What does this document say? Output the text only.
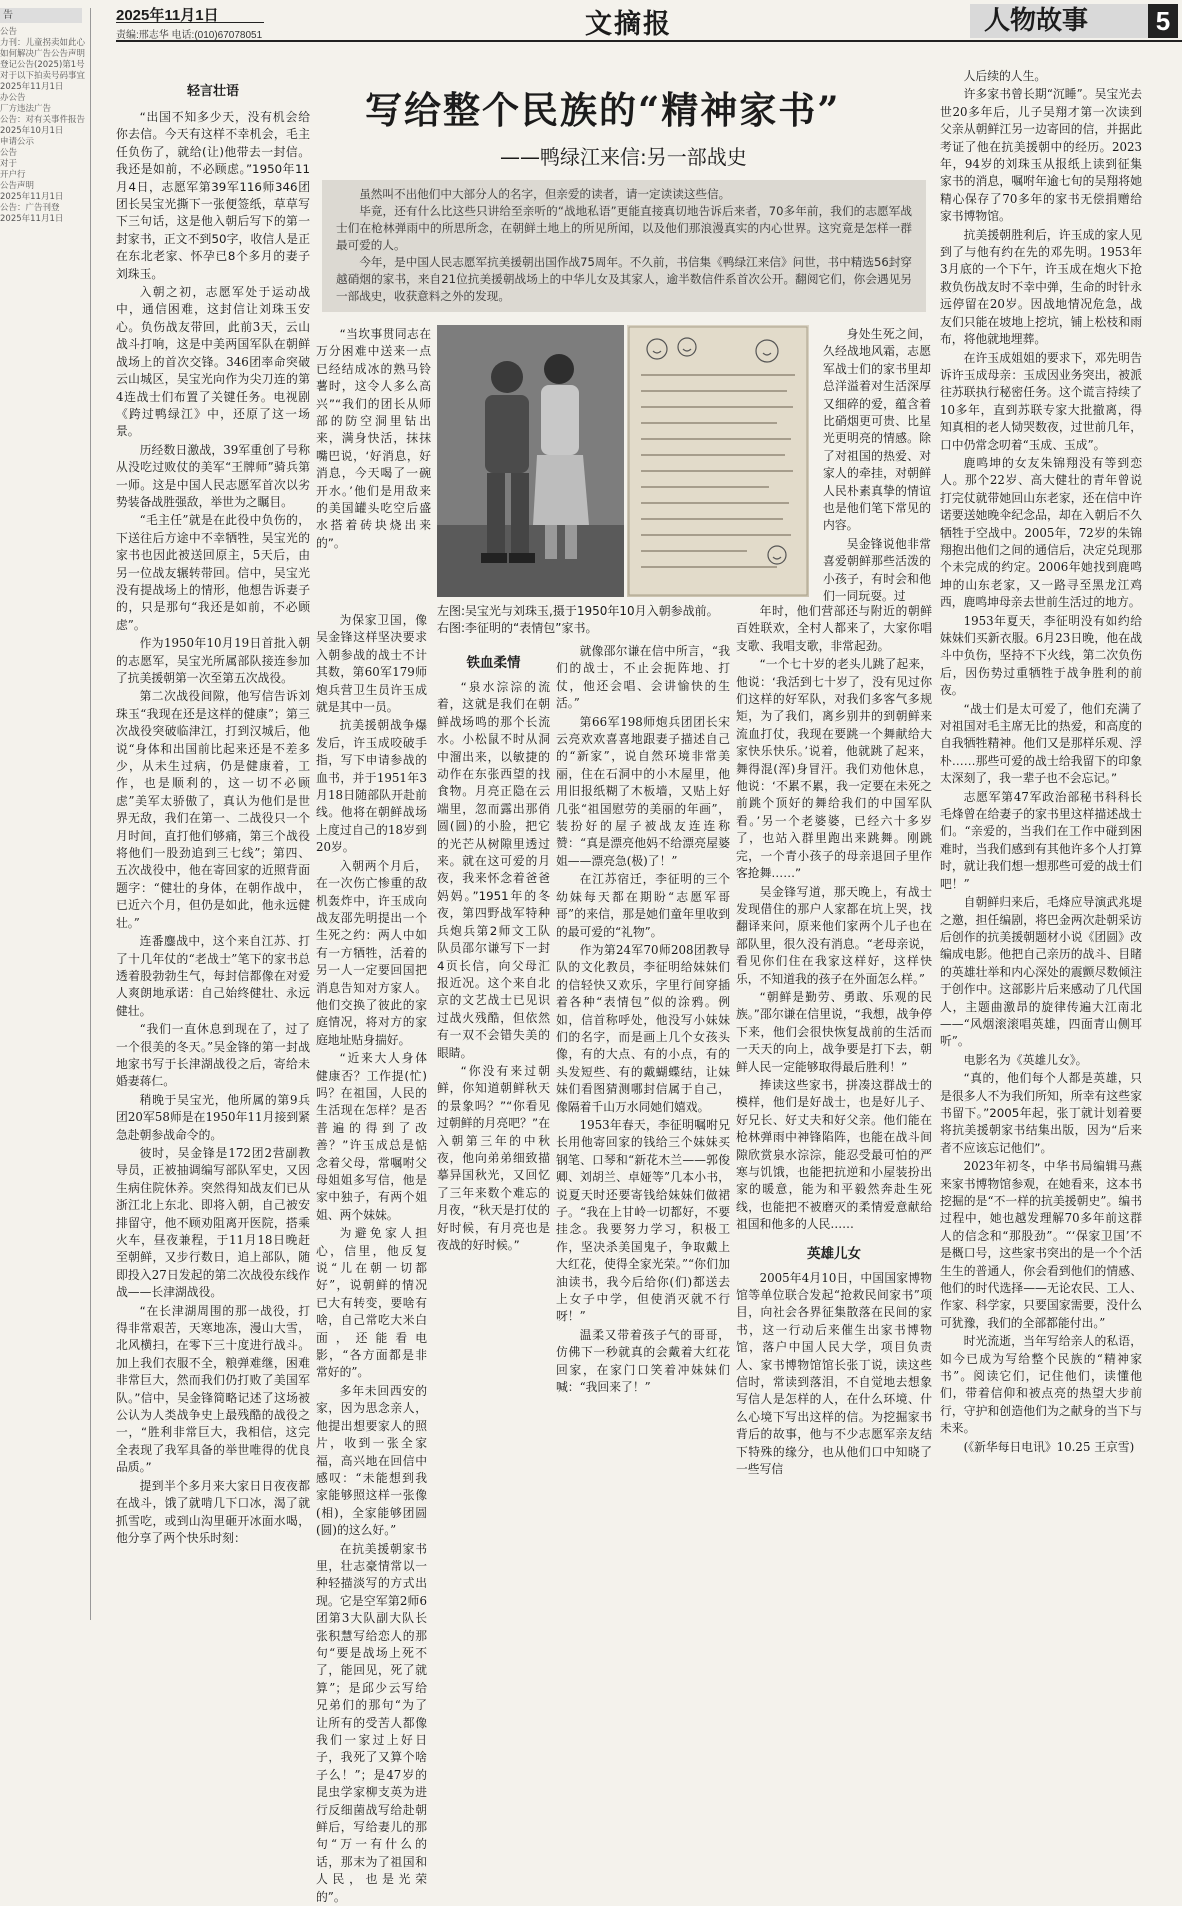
2025年11月1日
责编:邢志华 电话:(010)67078051	文摘报	人物故事	5
告
公告
力刊：儿童拐卖如此心如何解决广告公告声明
登记公告(2025)第1号对于以下拍卖号码事宜
2025年11月1日
办公告
厂方违法广告
公告：对有关事件报告
2025年10月1日
申请公示
公告
对于
开户行
公告声明
2025年11月1日
公告：广告刊登
2025年11月1日
写给整个民族的“精神家书”
——鸭绿江来信:另一部战史

虽然叫不出他们中大部分人的名字，但亲爱的读者，请一定读读这些信。

毕竟，还有什么比这些只讲给至亲听的“战地私语”更能直接真切地告诉后来者，70多年前，我们的志愿军战士们在枪林弹雨中的所思所念，在朝鲜土地上的所见所闻，以及他们那浪漫真实的内心世界。这究竟是怎样一群最可爱的人。

今年，是中国人民志愿军抗美援朝出国作战75周年。不久前，书信集《鸭绿江来信》问世，书中精选56封穿越硝烟的家书，来自21位抗美援朝战场上的中华儿女及其家人，逾半数信件系首次公开。翻阅它们，你会遇见另一部战史，收获意料之外的发现。

左图:吴宝光与刘珠玉,摄于1950年10月入朝参战前。
右图:李征明的“表情包”家书。
轻言壮语

“出国不知多少天，没有机会给你去信。今天有这样不幸机会，毛主任负伤了，就给(让)他带去一封信。我还是如前，不必顾虑。”1950年11月4日，志愿军第39军116师346团团长吴宝光撕下一张便签纸，草草写下三句话，这是他入朝后写下的第一封家书，正文不到50字，收信人是正在东北老家、怀孕已8个多月的妻子刘珠玉。

入朝之初，志愿军处于运动战中，通信困难，这封信让刘珠玉安心。负伤战友带回，此前3天，云山战斗打响，这是中美两国军队在朝鲜战场上的首次交锋。346团率命突破云山城区，吴宝光向作为尖刀连的第4连战士们布置了关键任务。电视剧《跨过鸭绿江》中，还原了这一场景。

历经数日激战，39军重创了号称从没吃过败仗的美军“王牌师”骑兵第一师。这是中国人民志愿军首次以劣势装备战胜强敌，举世为之瞩目。

“毛主任”就是在此役中负伤的，下送往后方途中不幸牺牲，吴宝光的家书也因此被送回原主，5天后，由另一位战友辗转带回。信中，吴宝光没有提战场上的情形，他想告诉妻子的，只是那句“我还是如前，不必顾虑”。

作为1950年10月19日首批入朝的志愿军，吴宝光所属部队接连参加了抗美援朝第一次至第五次战役。

第二次战役间隙，他写信告诉刘珠玉“我现在还是这样的健康”；第三次战役突破临津江，打到汉城后，他说“身体和出国前比起来还是不差多少，从未生过病，仍是健康着，工作，也是顺利的，这一切不必顾虑”美军太骄傲了，真认为他们是世界无敌，我们在第一、二战役只一个月时间，直打他们够痛，第三个战役将他们一股劲追到三七线”；第四、五次战役中，他在寄回家的近照背面题字：“健壮的身体，在朝作战中，已近六个月，但仍是如此，他永远健壮。”

连番鏖战中，这个来自江苏、打了十几年仗的“老战士”笔下的家书总透着股勃勃生气，每封信都像在对爱人爽朗地承诺：自己始终健壮、永远健壮。

“我们一直休息到现在了，过了一个很美的冬天。”吴金锋的第一封战地家书写于长津湖战役之后，寄给未婚妻蒋仁。

稍晚于吴宝光，他所属的第9兵团20军58师是在1950年11月接到紧急赴朝参战命令的。

彼时，吴金锋是172团2营副教导员，正被抽调编写部队军史，又因生病住院休养。突然得知战友们已从浙江北上东北、即将入朝，自己被安排留守，他不顾劝阻离开医院，搭乘火车，昼夜兼程，于11月18日晚赶至朝鲜，又步行数日，追上部队，随即投入27日发起的第二次战役东线作战——长津湖战役。

“在长津湖周围的那一战役，打得非常艰苦，天寒地冻，漫山大雪，北风横扫，在零下三十度进行战斗。加上我们衣服不全，粮弹难继，困难非常巨大，然而我们仍打败了美国军队。”信中，吴金锋简略记述了这场被公认为人类战争史上最残酷的战役之一，“胜利非常巨大，我相信，这完全表现了我军具备的举世唯得的优良品质。”

提到半个多月来大家日日夜夜都在战斗，饿了就啃几下口冰，渴了就抓雪吃，或到山沟里砸开冰面水喝，他分享了两个快乐时刻：

“当坎事贯同志在万分困难中送来一点已经结成冰的熟马铃薯时，这令人多么高兴”“我们的团长从师部的防空洞里钻出来，满身快活，抹抹嘴巴说，‘好消息，好消息，今天喝了一碗开水。’他们是用敌来的美国罐头吃空后盛水搭着砖块烧出来的”。

为保家卫国，像吴金锋这样坚决要求入朝参战的战士不计其数，第60军179师炮兵营卫生员许玉成就是其中一员。

抗美援朝战争爆发后，许玉成咬破手指，写下申请参战的血书，并于1951年3月18日随部队开赴前线。他将在朝鲜战场上度过自己的18岁到20岁。

入朝两个月后，在一次伤亡惨重的敌机轰炸中，许玉成向战友邵先明提出一个生死之约：两人中如有一方牺牲，活着的另一人一定要回国把消息告知对方家人。他们交换了彼此的家庭情况，将对方的家庭地址贴身揣好。

“近来大人身体健康否？工作提(忙)吗？在祖国，人民的生活现在怎样？是否普遍的得到了改善？”许玉成总是惦念着父母，常嘱咐父母姐姐多写信，他是家中独子，有两个姐姐、两个妹妹。

为避免家人担心，信里，他反复说“儿在朝一切都好”，说朝鲜的情况已大有转变，要啥有啥，自己常吃大米白面，还能看电影，“各方面都是非常好的”。

多年未回西安的家，因为思念亲人，他提出想要家人的照片，收到一张全家福，高兴地在回信中感叹：“未能想到我家能够照这样一张像(相)，全家能够团圆(圆)的这么好。”

在抗美援朝家书里，壮志豪情常以一种轻描淡写的方式出现。它是空军第2师6团第3大队副大队长张积慧写给恋人的那句“要是战场上死不了，能回见，死了就算”；是邱少云写给兄弟们的那句“为了让所有的受苦人都像我们一家过上好日子，我死了又算个啥子么！”；是47岁的昆虫学家柳支英为进行反细菌战写给赴朝鲜后，写给妻儿的那句“万一有什么的话，那末为了祖国和人民，也是光荣的”。

铁血柔情

“泉水淙淙的流着，这就是我们在朝鲜战场鸣的那个长流水。小松鼠不时从洞中溜出来，以敏捷的动作在东张西望的找食物。月亮正隐在云端里，忽而露出那俏圆(圆)的小脸，把它的光芒从树隙里透过来。就在这可爱的月夜，我来怀念着爸爸妈妈。”1951年的冬夜，第四野战军特种兵炮兵第2师文工队队员邵尔谦写下一封4页长信，向父母汇报近况。这个来自北京的文艺战士已见识过战火残酷，但依然有一双不会错失美的眼睛。

“你没有来过朝鲜，你知道朝鲜秋天的景象吗？”“你看见过朝鲜的月亮吧？”在入朝第三年的中秋夜，他向弟弟细致描摹异国秋光，又回忆了三年来数个难忘的月夜，“秋天是打仗的好时候，有月亮也是夜战的好时候。”

就像邵尔谦在信中所言，“我们的战士，不止会扼阵地、打仗，他还会唱、会讲愉快的生活。”

第66军198师炮兵团团长宋云亮欢欢喜喜地跟妻子描述自己的“新家”，说自然环境非常美丽，住在石洞中的小木屋里，他用旧报纸糊了木板墙，又贴上好几张“祖国慰劳的美丽的年画”，装扮好的屋子被战友连连称赞：“真是漂亮他妈不给漂亮屋婆姐——漂亮急(极)了！”

在江苏宿迁，李征明的三个幼妹每天都在期盼“志愿军哥哥”的来信，那是她们童年里收到的最可爱的“礼物”。

作为第24军70师208团教导队的文化教员，李征明给妹妹们的信轻快又欢乐，字里行间穿插着各种“表情包”似的涂鸦。例如，信首称呼处，他没写小妹妹们的名字，而是画上几个女孩头像，有的大点、有的小点，有的头发短些、有的戴蝴蝶结，让妹妹们看图猜测哪封信属于自己，像隔着千山万水同她们嬉戏。

1953年春天，李征明嘱咐兄长用他寄回家的钱给三个妹妹买钢笔、口琴和“新花木兰——郭俊卿、刘胡兰、卓娅等”几本小书，说夏天时还要寄钱给妹妹们做裙子。“我在上甘岭一切都好，不要挂念。我要努力学习，积极工作，坚决杀美国鬼子，争取戴上大红花，使得全家光荣。”“你们加油读书，我今后给你(们)都送去上女子中学，但使消灭就不行呀！”

温柔又带着孩子气的哥哥，仿佛下一秒就真的会戴着大红花回家，在家门口笑着冲妹妹们喊：“我回来了！”

身处生死之间，久经战地风霜，志愿军战士们的家书里却总洋溢着对生活深厚又细碎的爱，蕴含着比硝烟更可贵、比星光更明亮的情感。除了对祖国的热爱、对家人的牵挂，对朝鲜人民朴素真挚的情谊也是他们笔下常见的内容。

吴金锋说他非常喜爱朝鲜那些活泼的小孩子，有时会和他们一同玩耍。过

年时，他们营部还与附近的朝鲜百姓联欢，全村人都来了，大家你唱支歌、我唱支歌，非常起劲。

“一个七十岁的老头儿跳了起来，他说：‘我活到七十岁了，没有见过你们这样的好军队，对我们多客气多规矩，为了我们，离乡别井的到朝鲜来流血打仗，我现在要跳一个舞献给大家快乐快乐。’说着，他就跳了起来，舞得混(浑)身冒汗。我们劝他休息，他说：‘不累不累，我一定要在未死之前跳个顶好的舞给我们的中国军队看。’另一个老婆婆，已经六十多岁了，也站入群里跑出来跳舞。刚跳完，一个青小孩子的母亲退回子里作客抢舞……”

吴金锋写道，那天晚上，有战士发现借住的那户人家都在坑上哭，找翻译来问，原来他们家两个儿子也在部队里，很久没有消息。“老母亲说，看见你们住在我家这样好，这样快乐，不知道我的孩子在外面怎么样。”

“朝鲜是勤劳、勇敢、乐观的民族。”邵尔谦在信里说，“我想，战争停下来，他们会很快恢复战前的生活而一天天的向上，战争要是打下去，朝鲜人民一定能够取得最后胜利！”

捧读这些家书，拼凑这群战士的模样，他们是好战士，也是好儿子、好兄长、好丈夫和好父亲。他们能在枪林弹雨中神锋陷阵，也能在战斗间隙欣赏泉水淙淙，能忍受最可怕的严寒与饥饿，也能把抗逆和小屋装扮出家的暖意，能为和平毅然奔赴生死线，也能把不被磨灭的柔情爱意献给祖国和他多的人民……

英雄儿女

2005年4月10日，中国国家博物馆等单位联合发起“抢救民间家书”项目，向社会各界征集散落在民间的家书，这一行动后来催生出家书博物馆，落户中国人民大学，项目负责人、家书博物馆馆长张丁说，读这些信时，常读到落泪，不自觉地去想象写信人是怎样的人，在什么环境、什么心境下写出这样的信。为挖掘家书背后的故事，他与不少志愿军亲友结下特殊的缘分，也从他们口中知晓了一些写信

人后续的人生。

许多家书曾长期“沉睡”。吴宝光去世20多年后，儿子吴翔才第一次读到父亲从朝鲜江另一边寄回的信，并据此考证了他在抗美援朝中的经历。2023年，94岁的刘珠玉从报纸上读到征集家书的消息，嘱咐年逾七旬的吴翔将她精心保存了70多年的家书无偿捐赠给家书博物馆。

抗美援朝胜利后，许玉成的家人见到了与他有约在先的邓先明。1953年3月底的一个下午，许玉成在炮火下抢救负伤战友时不幸中弹，生命的时针永远停留在20岁。因战地情况危急，战友们只能在坡地上挖坑，铺上松枝和雨布，将他就地埋葬。

在许玉成姐姐的要求下，邓先明告诉许玉成母亲：玉成因业务突出，被派往苏联执行秘密任务。这个谎言持续了10多年，直到苏联专家大批撤离，得知真相的老人恸哭数夜，过世前几年，口中仍常念叨着“玉成、玉成”。

鹿鸣坤的女友朱锦翔没有等到恋人。那个22岁、高大健壮的青年曾说打完仗就带她回山东老家，还在信中许诺要送她晚伞纪念品，却在入朝后不久牺牲于空战中。2005年，72岁的朱锦翔抱出他们之间的通信后，决定兑现那个未完成的约定。2006年她找到鹿鸣坤的山东老家，又一路寻至黑龙江鸡西，鹿鸣坤母亲去世前生活过的地方。

1953年夏天，李征明没有如约给妹妹们买新衣服。6月23日晚，他在战斗中负伤，坚持不下火线，第二次负伤后，因伤势过重牺牲于战争胜利的前夜。

“战士们是太可爱了，他们充满了对祖国对毛主席无比的热爱，和高度的自我牺牲精神。他们又是那样乐观、浮朴……那些可爱的战士给我留下的印象太深刻了，我一辈子也不会忘记。”

志愿军第47军政治部秘书科科长毛烽曾在给妻子的家书里这样描述战士们。“亲爱的，当我们在工作中碰到困难时，当我们感到有其他许多个人打算时，就让我们想一想那些可爱的战士们吧！”

自朝鲜归来后，毛烽应导演武兆堤之邀，担任编剧，将巴金两次赴朝采访后创作的抗美援朝题材小说《团圆》改编成电影。他把自己亲历的战斗、目睹的英雄壮举和内心深处的震颤尽数倾注于创作中。这部影片后来感动了几代国人，主题曲激昂的旋律传遍大江南北——“风烟滚滚唱英雄，四面青山侧耳听”。

电影名为《英雄儿女》。

“真的，他们每个人都是英雄，只是很多人不为我们所知，所幸有这些家书留下。”2005年起，张丁就计划着要将抗美援朝家书结集出版，因为“后来者不应该忘记他们”。

2023年初冬，中华书局编辑马燕来家书博物馆参观，在她看来，这本书挖掘的是“不一样的抗美援朝史”。编书过程中，她也越发理解70多年前这群人的信念和“那股劲”。“‘保家卫国’不是概口号，这些家书突出的是一个个活生生的普通人，你会看到他们的情感、他们的时代选择——无论农民、工人、作家、科学家，只要国家需要，没什么可犹豫，我们的全部都能付出。”

时光流逝，当年写给亲人的私语，如今已成为写给整个民族的“精神家书”。阅读它们，记住他们，读懂他们，带着信仰和被点亮的热望大步前行，守护和创造他们为之献身的当下与未来。

(《新华每日电讯》10.25 王京雪)
